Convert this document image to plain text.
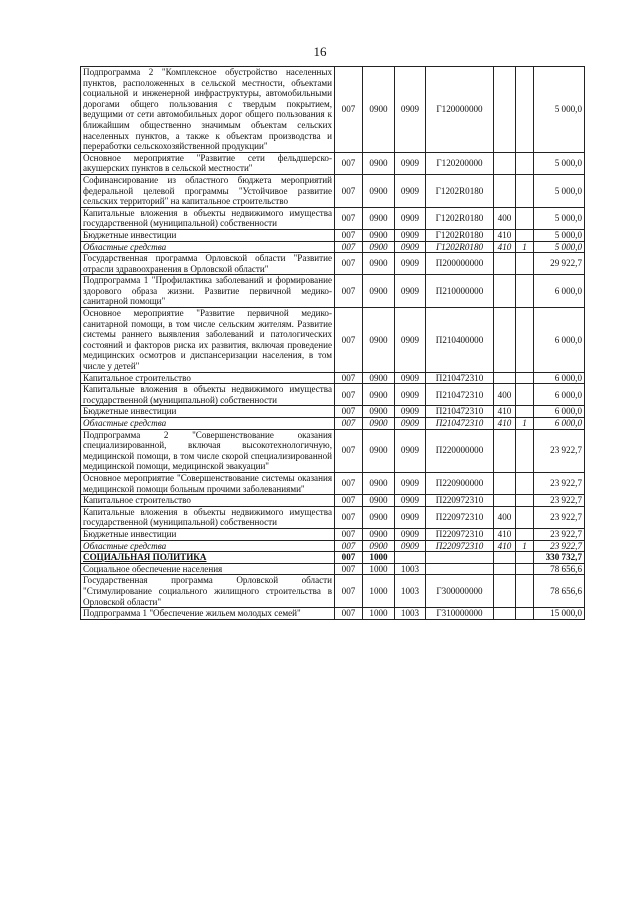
16
Подпрограмма 2 "Комплексное обустройство населенных пунктов, расположенных в сельской местности, объектами социальной и инженерной инфраструктуры, автомобильными дорогами общего пользования с твердым покрытием, ведущими от сети автомобильных дорог общего пользования к ближайшим общественно значимым объектам сельских населенных пунктов, а также к объектам производства и переработки сельскохозяйственной продукции"	007	0900	0909	Г120000000			5 000,0
Основное мероприятие "Развитие сети фельдшерско-акушерских пунктов в сельской местности"	007	0900	0909	Г120200000			5 000,0
Софинансирование из областного бюджета мероприятий федеральной целевой программы "Устойчивое развитие сельских территорий" на капитальное строительство	007	0900	0909	Г1202R0180			5 000,0
Капитальные вложения в объекты недвижимого имущества государственной (муниципальной) собственности	007	0900	0909	Г1202R0180	400		5 000,0
Бюджетные инвестиции	007	0900	0909	Г1202R0180	410		5 000,0
Областные средства	007	0900	0909	Г1202R0180	410	1	5 000,0
Государственная программа Орловской области "Развитие отрасли здравоохранения в Орловской области"	007	0900	0909	П200000000			29 922,7
Подпрограмма 1 "Профилактика заболеваний и формирование здорового образа жизни. Развитие первичной медико-санитарной помощи"	007	0900	0909	П210000000			6 000,0
Основное мероприятие "Развитие первичной медико-санитарной помощи, в том числе сельским жителям. Развитие системы раннего выявления заболеваний и патологических состояний и факторов риска их развития, включая проведение медицинских осмотров и диспансеризации населения, в том числе у детей"	007	0900	0909	П210400000			6 000,0
Капитальное строительство	007	0900	0909	П210472310			6 000,0
Капитальные вложения в объекты недвижимого имущества государственной (муниципальной) собственности	007	0900	0909	П210472310	400		6 000,0
Бюджетные инвестиции	007	0900	0909	П210472310	410		6 000,0
Областные средства	007	0900	0909	П210472310	410	1	6 000,0
Подпрограмма 2 "Совершенствование оказания специализированной, включая высокотехнологичную, медицинской помощи, в том числе скорой специализированной медицинской помощи, медицинской эвакуации"	007	0900	0909	П220000000			23 922,7
Основное мероприятие "Совершенствование системы оказания медицинской помощи больным прочими заболеваниями"	007	0900	0909	П220900000			23 922,7
Капитальное строительство	007	0900	0909	П220972310			23 922,7
Капитальные вложения в объекты недвижимого имущества государственной (муниципальной) собственности	007	0900	0909	П220972310	400		23 922,7
Бюджетные инвестиции	007	0900	0909	П220972310	410		23 922,7
Областные средства	007	0900	0909	П220972310	410	1	23 922,7
СОЦИАЛЬНАЯ ПОЛИТИКА	007	1000					330 732,7
Социальное обеспечение населения	007	1000	1003				78 656,6
Государственная программа Орловской области "Стимулирование социального жилищного строительства в Орловской области"	007	1000	1003	Г300000000			78 656,6
Подпрограмма 1 "Обеспечение жильем молодых семей"	007	1000	1003	Г310000000			15 000,0
